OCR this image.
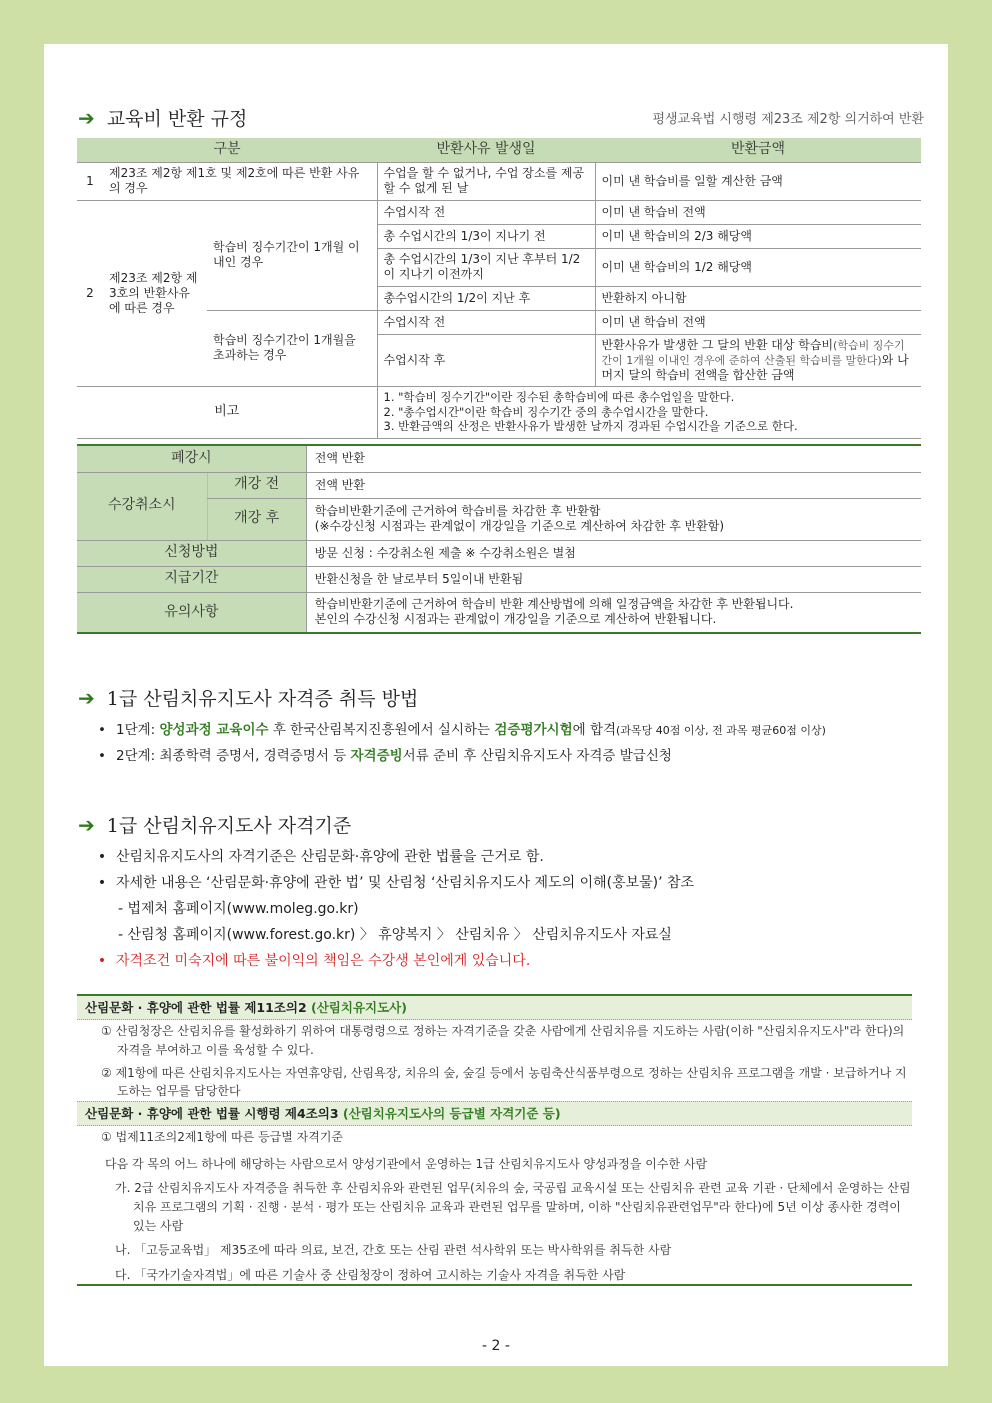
➔ 교육비 반환 규정	평생교육법 시행령 제23조 제2항 의거하여 반환
구분			반환사유 발생일	반환금액
1	제23조 제2항 제1호 및 제2호에 따른 반환 사유의 경우		수업을 할 수 없거나, 수업 장소를 제공할 수 없게 된 날	이미 낸 학습비를 일할 계산한 금액
2	제23조 제2항 제3호의 반환사유에 따른 경우	학습비 징수기간이 1개월 이내인 경우	수업시작 전	이미 낸 학습비 전액
			총 수업시간의 1/3이 지나기 전	이미 낸 학습비의 2/3 해당액
			총 수업시간의 1/3이 지난 후부터 1/2이 지나기 이전까지	이미 낸 학습비의 1/2 해당액
			총수업시간의 1/2이 지난 후	반환하지 아니함
		학습비 징수기간이 1개월을 초과하는 경우	수업시작 전	이미 낸 학습비 전액
			수업시작 후	반환사유가 발생한 그 달의 반환 대상 학습비(학습비 징수기간이 1개월 이내인 경우에 준하여 산출된 학습비를 말한다)와 나머지 달의 학습비 전액을 합산한 금액
비고			1. "학습비 징수기간"이란 징수된 총학습비에 따른 총수업일을 말한다.
2. "총수업시간"이란 학습비 징수기간 중의 총수업시간을 말한다.
3. 반환금액의 산정은 반환사유가 발생한 날까지 경과된 수업시간을 기준으로 한다.	
폐강시		전액 반환
수강취소시	개강 전	전액 반환
	개강 후	학습비반환기준에 근거하여 학습비를 차감한 후 반환함
(※수강신청 시점과는 관계없이 개강일을 기준으로 계산하여 차감한 후 반환함)

신청방법		방문 신청 : 수강취소원 제출 ※ 수강취소원은 별첨
지급기간		반환신청을 한 날로부터 5일이내 반환됨
유의사항		학습비반환기준에 근거하여 학습비 반환 계산방법에 의해 일정금액을 차감한 후 반환됩니다.
본인의 수강신청 시점과는 관계없이 개강일을 기준으로 계산하여 반환됩니다.
➔ 1급 산림치유지도사 자격증 취득 방법
• 1단계: 양성과정 교육이수 후 한국산림복지진흥원에서 실시하는 검증평가시험에 합격(과목당 40점 이상, 전 과목 평균60점 이상)
• 2단계: 최종학력 증명서, 경력증명서 등 자격증빙서류 준비 후 산림치유지도사 자격증 발급신청
➔ 1급 산림치유지도사 자격기준
• 산림치유지도사의 자격기준은 산림문화·휴양에 관한 법률을 근거로 함.
• 자세한 내용은 ‘산림문화·휴양에 관한 법’ 및 산림청 ‘산림치유지도사 제도의 이해(홍보물)’ 참조
- 법제처 홈페이지(www.moleg.go.kr)
- 산림청 홈페이지(www.forest.go.kr) 〉 휴양복지 〉 산림치유 〉 산림치유지도사 자료실
• 자격조건 미숙지에 따른 불이익의 책임은 수강생 본인에게 있습니다.
산림문화 · 휴양에 관한 법률 제11조의2 (산림치유지도사)
① 산림청장은 산림치유를 활성화하기 위하여 대통령령으로 정하는 자격기준을 갖춘 사람에게 산림치유를 지도하는 사람(이하 "산림치유지도사"라 한다)의 자격을 부여하고 이를 육성할 수 있다.
② 제1항에 따른 산림치유지도사는 자연휴양림, 산림욕장, 치유의 숲, 숲길 등에서 농림축산식품부령으로 정하는 산림치유 프로그램을 개발 · 보급하거나 지도하는 업무를 담당한다
산림문화 · 휴양에 관한 법률 시행령 제4조의3 (산림치유지도사의 등급별 자격기준 등)
① 법제11조의2제1항에 따른 등급별 자격기준
다음 각 목의 어느 하나에 해당하는 사람으로서 양성기관에서 운영하는 1급 산림치유지도사 양성과정을 이수한 사람
가. 2급 산림치유지도사 자격증을 취득한 후 산림치유와 관련된 업무(치유의 숲, 국공립 교육시설 또는 산림치유 관련 교육 기관 · 단체에서 운영하는 산림치유 프로그램의 기획 · 진행 · 분석 · 평가 또는 산림치유 교육과 관련된 업무를 말하며, 이하 "산림치유관련업무"라 한다)에 5년 이상 종사한 경력이 있는 사람
나. 「고등교육법」 제35조에 따라 의료, 보건, 간호 또는 산림 관련 석사학위 또는 박사학위를 취득한 사람
다. 「국가기술자격법」에 따른 기술사 중 산림청장이 정하여 고시하는 기술사 자격을 취득한 사람
- 2 -
